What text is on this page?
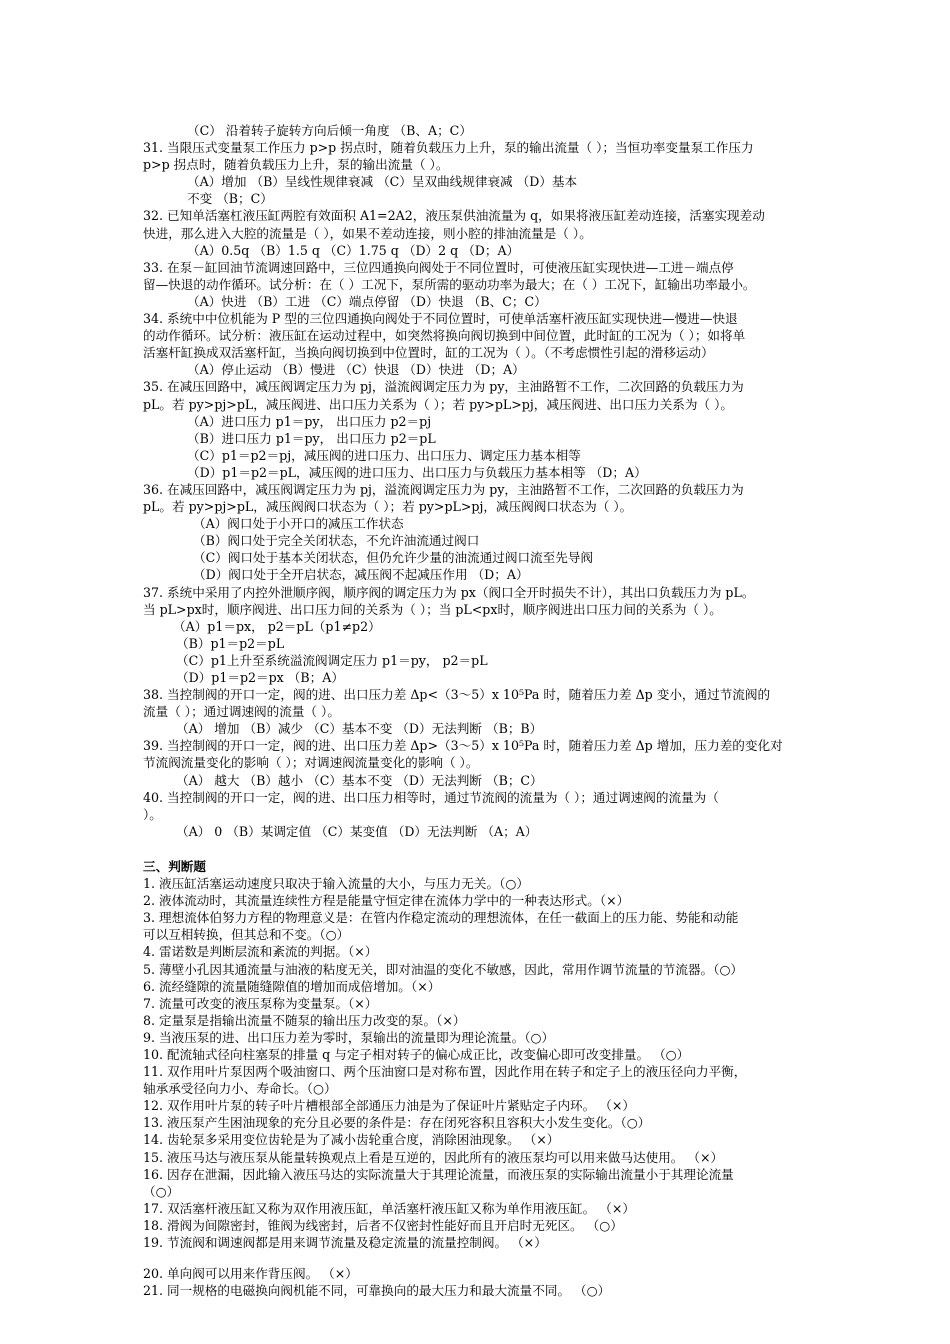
（C） 沿着转子旋转方向后倾一角度 （B、A；C）
31. 当限压式变量泵工作压力 p>p 拐点时，随着负载压力上升，泵的输出流量（ ）；当恒功率变量泵工作压力
p>p 拐点时，随着负载压力上升，泵的输出流量（ ）。
（A）增加 （B）呈线性规律衰减 （C）呈双曲线规律衰减 （D）基本
不变 （B；C）
32. 已知单活塞杠液压缸两腔有效面积 A1=2A2，液压泵供油流量为 q，如果将液压缸差动连接，活塞实现差动
快进，那么进入大腔的流量是（ ），如果不差动连接，则小腔的排油流量是（ ）。
（A）0.5q （B）1.5 q （C）1.75 q （D）2 q （D；A）
33. 在泵－缸回油节流调速回路中，三位四通换向阀处于不同位置时，可使液压缸实现快进—工进－端点停
留—快退的动作循环。试分析：在（ ）工况下，泵所需的驱动功率为最大；在（ ）工况下，缸输出功率最小。
（A）快进 （B）工进 （C）端点停留 （D）快退 （B、C；C）
34. 系统中中位机能为 P 型的三位四通换向阀处于不同位置时，可使单活塞杆液压缸实现快进—慢进—快退
的动作循环。试分析：液压缸在运动过程中，如突然将换向阀切换到中间位置，此时缸的工况为（ ）；如将单
活塞杆缸换成双活塞杆缸，当换向阀切换到中位置时，缸的工况为（ ）。（不考虑惯性引起的滑移运动）
（A）停止运动 （B）慢进 （C）快退 （D）快进 （D；A）
35. 在减压回路中，减压阀调定压力为 pj，溢流阀调定压力为 py，主油路暂不工作，二次回路的负载压力为
pL。若 py>pj>pL，减压阀进、出口压力关系为（ ）；若 py>pL>pj，减压阀进、出口压力关系为（ ）。
（A）进口压力 p1＝py， 出口压力 p2＝pj
（B）进口压力 p1＝py， 出口压力 p2＝pL
（C）p1＝p2＝pj，减压阀的进口压力、出口压力、调定压力基本相等
（D）p1＝p2＝pL，减压阀的进口压力、出口压力与负载压力基本相等 （D；A）
36. 在减压回路中，减压阀调定压力为 pj，溢流阀调定压力为 py，主油路暂不工作，二次回路的负载压力为
pL。若 py>pj>pL，减压阀阀口状态为（ ）；若 py>pL>pj，减压阀阀口状态为（ ）。
（A）阀口处于小开口的减压工作状态
（B）阀口处于完全关闭状态，不允许油流通过阀口
（C）阀口处于基本关闭状态，但仍允许少量的油流通过阀口流至先导阀
（D）阀口处于全开启状态，减压阀不起减压作用 （D；A）
37. 系统中采用了内控外泄顺序阀，顺序阀的调定压力为 px（阀口全开时损失不计），其出口负载压力为 pL。
当 pL>px时，顺序阀进、出口压力间的关系为（ ）；当 pL<px时，顺序阀进出口压力间的关系为（ ）。
（A）p1＝px， p2＝pL（p1≠p2）
（B）p1＝p2＝pL
（C）p1上升至系统溢流阀调定压力 p1＝py， p2＝pL
（D）p1＝p2＝px （B；A）
38. 当控制阀的开口一定，阀的进、出口压力差 Δp<（3～5）x 10⁵Pa 时，随着压力差 Δp 变小，通过节流阀的
流量（ ）；通过调速阀的流量（ ）。
（A） 增加 （B）减少 （C）基本不变 （D）无法判断 （B；B）
39. 当控制阀的开口一定，阀的进、出口压力差 Δp>（3～5）x 10⁵Pa 时，随着压力差 Δp 增加，压力差的变化对
节流阀流量变化的影响（ ）；对调速阀流量变化的影响（ ）。
（A） 越大 （B）越小 （C）基本不变 （D）无法判断 （B；C）
40. 当控制阀的开口一定，阀的进、出口压力相等时，通过节流阀的流量为（ ）；通过调速阀的流量为（
）。
（A） 0 （B）某调定值 （C）某变值 （D）无法判断 （A；A）
三、判断题
1. 液压缸活塞运动速度只取决于输入流量的大小，与压力无关。（○）
2. 液体流动时，其流量连续性方程是能量守恒定律在流体力学中的一种表达形式。（×）
3. 理想流体伯努力方程的物理意义是：在管内作稳定流动的理想流体，在任一截面上的压力能、势能和动能
可以互相转换，但其总和不变。（○）
4. 雷诺数是判断层流和紊流的判据。（×）
5. 薄壁小孔因其通流量与油液的粘度无关，即对油温的变化不敏感，因此，常用作调节流量的节流器。（○）
6. 流经缝隙的流量随缝隙值的增加而成倍增加。（×）
7. 流量可改变的液压泵称为变量泵。（×）
8. 定量泵是指输出流量不随泵的输出压力改变的泵。（×）
9. 当液压泵的进、出口压力差为零时，泵输出的流量即为理论流量。（○）
10. 配流轴式径向柱塞泵的排量 q 与定子相对转子的偏心成正比，改变偏心即可改变排量。 （○）
11. 双作用叶片泵因两个吸油窗口、两个压油窗口是对称布置，因此作用在转子和定子上的液压径向力平衡，
轴承承受径向力小、寿命长。（○）
12. 双作用叶片泵的转子叶片槽根部全部通压力油是为了保证叶片紧贴定子内环。 （×）
13. 液压泵产生困油现象的充分且必要的条件是：存在闭死容积且容积大小发生变化。（○）
14. 齿轮泵多采用变位齿轮是为了减小齿轮重合度，消除困油现象。 （×）
15. 液压马达与液压泵从能量转换观点上看是互逆的，因此所有的液压泵均可以用来做马达使用。 （×）
16. 因存在泄漏，因此输入液压马达的实际流量大于其理论流量，而液压泵的实际输出流量小于其理论流量
（○）
17. 双活塞杆液压缸又称为双作用液压缸，单活塞杆液压缸又称为单作用液压缸。 （×）
18. 滑阀为间隙密封，锥阀为线密封，后者不仅密封性能好而且开启时无死区。 （○）
19. 节流阀和调速阀都是用来调节流量及稳定流量的流量控制阀。 （×）
20. 单向阀可以用来作背压阀。 （×）
21. 同一规格的电磁换向阀机能不同，可靠换向的最大压力和最大流量不同。 （○）
